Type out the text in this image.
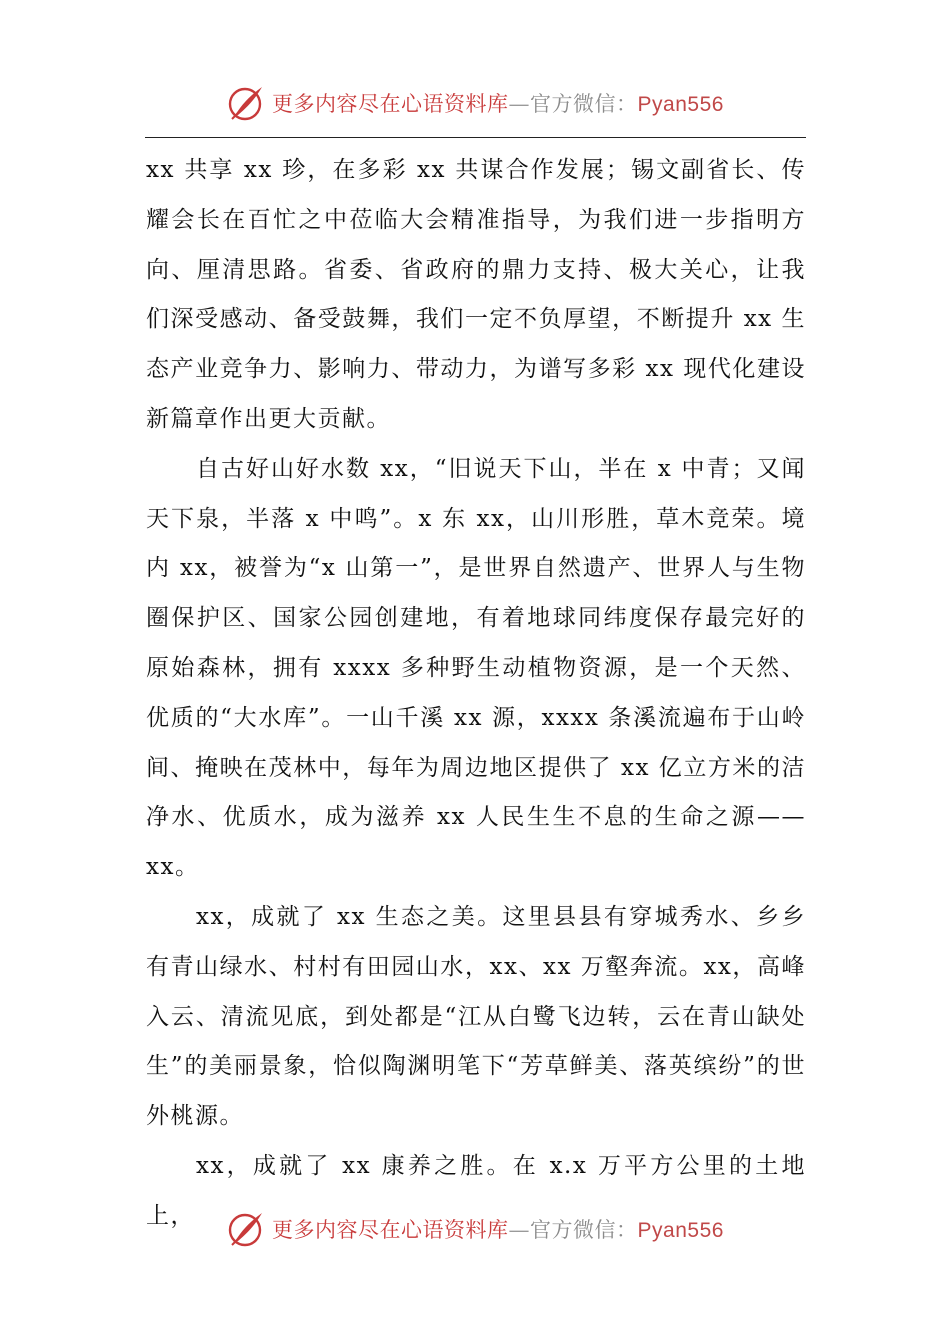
更多内容尽在心语资料库—官方微信：Pyan556

xx 共享 xx 珍，在多彩 xx 共谋合作发展；锡文副省长、传耀会长在百忙之中莅临大会精准指导，为我们进一步指明方向、厘清思路。省委、省政府的鼎力支持、极大关心，让我们深受感动、备受鼓舞，我们一定不负厚望，不断提升 xx 生态产业竞争力、影响力、带动力，为谱写多彩 xx 现代化建设新篇章作出更大贡献。

自古好山好水数 xx，“旧说天下山，半在 x 中青；又闻天下泉，半落 x 中鸣”。x 东 xx，山川形胜，草木竞荣。境内 xx，被誉为“x 山第一”，是世界自然遗产、世界人与生物圈保护区、国家公园创建地，有着地球同纬度保存最完好的原始森林，拥有 xxxx 多种野生动植物资源，是一个天然、优质的“大水库”。一山千溪 xx 源，xxxx 条溪流遍布于山岭间、掩映在茂林中，每年为周边地区提供了 xx 亿立方米的洁净水、优质水，成为滋养 xx 人民生生不息的生命之源——xx。

xx，成就了 xx 生态之美。这里县县有穿城秀水、乡乡有青山绿水、村村有田园山水，xx、xx 万壑奔流。xx，高峰入云、清流见底，到处都是“江从白鹭飞边转，云在青山缺处生”的美丽景象，恰似陶渊明笔下“芳草鲜美、落英缤纷”的世外桃源。

xx，成就了 xx 康养之胜。在 x.x 万平方公里的土地上，

更多内容尽在心语资料库—官方微信：Pyan556
